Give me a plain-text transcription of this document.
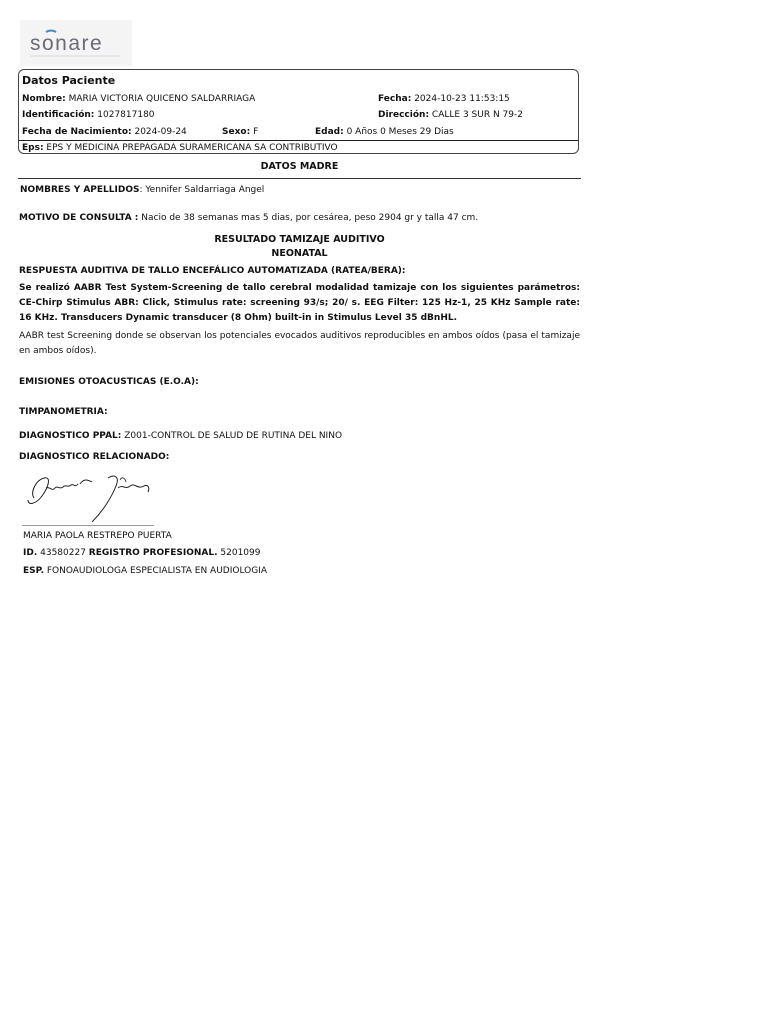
sonare
Datos Paciente
Nombre: MARIA VICTORIA QUICENO SALDARRIAGA	Fecha: 2024-10-23 11:53:15
Identificación: 1027817180	Dirección: CALLE 3 SUR N 79-2
Fecha de Nacimiento: 2024-09-24	Sexo: F	Edad: 0 Años 0 Meses 29 Dias
Eps: EPS Y MEDICINA PREPAGADA SURAMERICANA SA CONTRIBUTIVO
DATOS MADRE
NOMBRES Y APELLIDOS: Yennifer Saldarriaga Angel
MOTIVO DE CONSULTA : Nacio de 38 semanas mas 5 dias, por cesárea, peso 2904 gr y talla 47 cm.
RESULTADO TAMIZAJE AUDITIVO
NEONATAL
RESPUESTA AUDITIVA DE TALLO ENCEFÁLICO AUTOMATIZADA (RATEA/BERA):
Se realizó AABR Test System-Screening de tallo cerebral modalidad tamizaje con los siguientes parámetros: CE-Chirp Stimulus ABR: Click, Stimulus rate: screening 93/s; 20/ s. EEG Filter: 125 Hz-1, 25 KHz Sample rate: 16 KHz. Transducers Dynamic transducer (8 Ohm) built-in in Stimulus Level 35 dBnHL.
AABR test Screening donde se observan los potenciales evocados auditivos reproducibles en ambos oídos (pasa el tamizaje en ambos oídos).
EMISIONES OTOACUSTICAS (E.O.A):
TIMPANOMETRIA:
DIAGNOSTICO PPAL: Z001-CONTROL DE SALUD DE RUTINA DEL NINO
DIAGNOSTICO RELACIONADO:
MARIA PAOLA RESTREPO PUERTA
ID. 43580227 REGISTRO PROFESIONAL. 5201099
ESP. FONOAUDIOLOGA ESPECIALISTA EN AUDIOLOGIA
